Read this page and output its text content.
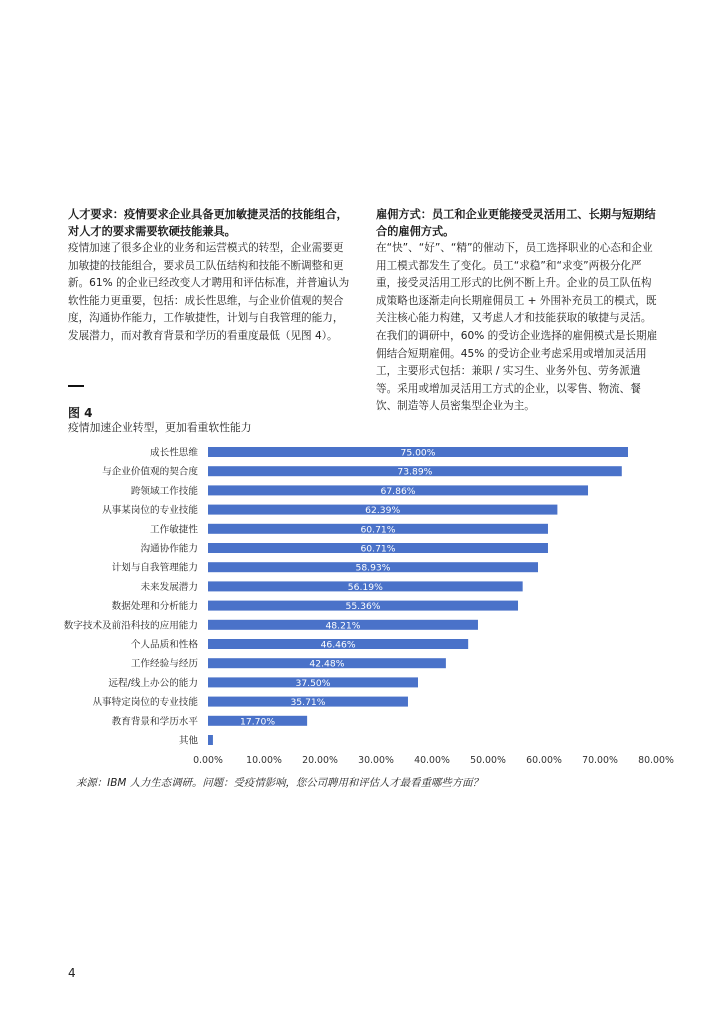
人才要求：疫情要求企业具备更加敏捷灵活的技能组合，
对人才的要求需要软硬技能兼具。

疫情加速了很多企业的业务和运营模式的转型，企业需要更加敏捷的技能组合，要求员工队伍结构和技能不断调整和更新。61% 的企业已经改变人才聘用和评估标准，并普遍认为软性能力更重要，包括：成长性思维，与企业价值观的契合度，沟通协作能力，工作敏捷性，计划与自我管理的能力，发展潜力，而对教育背景和学历的看重度最低（见图 4）。

雇佣方式：员工和企业更能接受灵活用工、长期与短期结
合的雇佣方式。

在“快”、“好”、“精”的催动下，员工选择职业的心态和企业用工模式都发生了变化。员工“求稳”和“求变”两极分化严重，接受灵活用工形式的比例不断上升。企业的员工队伍构成策略也逐渐走向长期雇佣员工 + 外围补充员工的模式，既关注核心能力构建，又考虑人才和技能获取的敏捷与灵活。在我们的调研中，60% 的受访企业选择的雇佣模式是长期雇佣结合短期雇佣。45% 的受访企业考虑采用或增加灵活用工，主要形式包括：兼职 / 实习生、业务外包、劳务派遣等。采用或增加灵活用工方式的企业，以零售、物流、餐饮、制造等人员密集型企业为主。

图 4
疫情加速企业转型，更加看重软性能力
成长性思维	75.00%
与企业价值观的契合度	73.89%
跨领域工作技能	67.86%
从事某岗位的专业技能	62.39%
工作敏捷性	60.71%
沟通协作能力	60.71%
计划与自我管理能力	58.93%
未来发展潜力	56.19%
数据处理和分析能力	55.36%
数字技术及前沿科技的应用能力	48.21%
个人品质和性格	46.46%
工作经验与经历	42.48%
远程/线上办公的能力	37.50%
从事特定岗位的专业技能	35.71%
教育背景和学历水平	17.70%
其他
0.00% 10.00% 20.00% 30.00% 40.00% 50.00% 60.00% 70.00% 80.00%
来源：IBM 人力生态调研。问题：受疫情影响，您公司聘用和评估人才最看重哪些方面？
4
